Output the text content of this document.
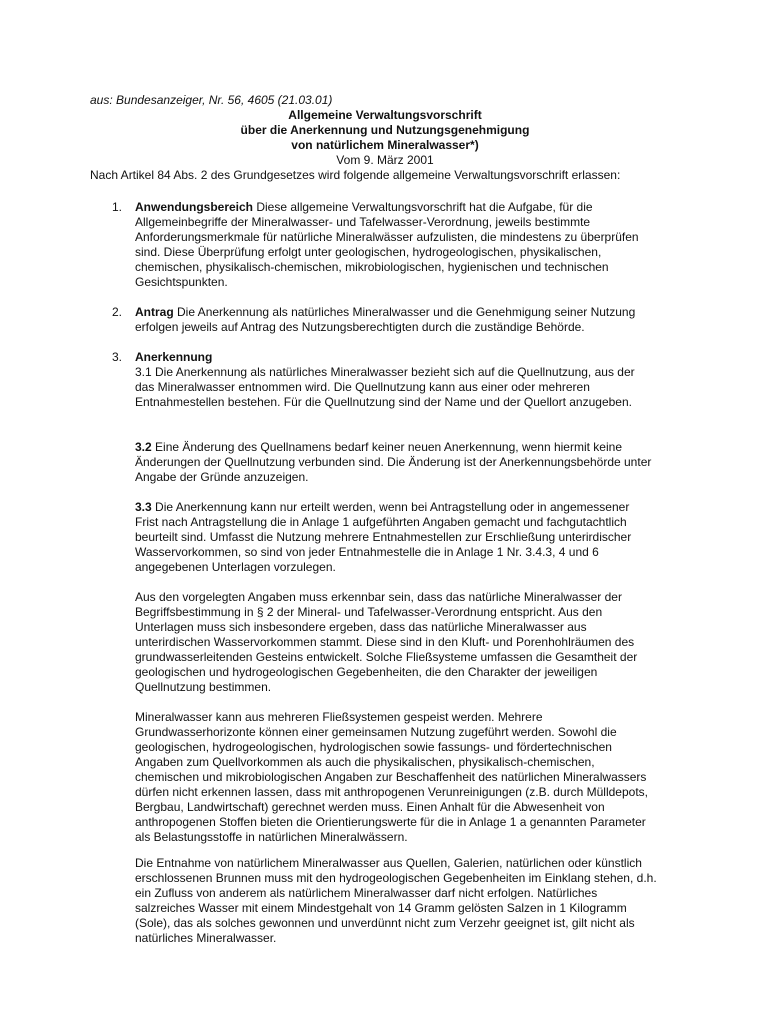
aus: Bundesanzeiger, Nr. 56, 4605 (21.03.01)
Allgemeine Verwaltungsvorschrift
über die Anerkennung und Nutzungsgenehmigung
von natürlichem Mineralwasser*)
Vom 9. März 2001
Nach Artikel 84 Abs. 2 des Grundgesetzes wird folgende allgemeine Verwaltungsvorschrift erlassen:
1. Anwendungsbereich Diese allgemeine Verwaltungsvorschrift hat die Aufgabe, für die

Allgemeinbegriffe der Mineralwasser- und Tafelwasser-Verordnung, jeweils bestimmte

Anforderungsmerkmale für natürliche Mineralwässer aufzulisten, die mindestens zu überprüfen

sind. Diese Überprüfung erfolgt unter geologischen, hydrogeologischen, physikalischen,

chemischen, physikalisch-chemischen, mikrobiologischen, hygienischen und technischen

Gesichtspunkten.

2. Antrag Die Anerkennung als natürliches Mineralwasser und die Genehmigung seiner Nutzung

erfolgen jeweils auf Antrag des Nutzungsberechtigten durch die zuständige Behörde.

3. Anerkennung

3.1 Die Anerkennung als natürliches Mineralwasser bezieht sich auf die Quellnutzung, aus der

das Mineralwasser entnommen wird. Die Quellnutzung kann aus einer oder mehreren

Entnahmestellen bestehen. Für die Quellnutzung sind der Name und der Quellort anzugeben.

3.2 Eine Änderung des Quellnamens bedarf keiner neuen Anerkennung, wenn hiermit keine

Änderungen der Quellnutzung verbunden sind. Die Änderung ist der Anerkennungsbehörde unter

Angabe der Gründe anzuzeigen.

3.3 Die Anerkennung kann nur erteilt werden, wenn bei Antragstellung oder in angemessener

Frist nach Antragstellung die in Anlage 1 aufgeführten Angaben gemacht und fachgutachtlich

beurteilt sind. Umfasst die Nutzung mehrere Entnahmestellen zur Erschließung unterirdischer

Wasservorkommen, so sind von jeder Entnahmestelle die in Anlage 1 Nr. 3.4.3, 4 und 6

angegebenen Unterlagen vorzulegen.

Aus den vorgelegten Angaben muss erkennbar sein, dass das natürliche Mineralwasser der

Begriffsbestimmung in § 2 der Mineral- und Tafelwasser-Verordnung entspricht. Aus den

Unterlagen muss sich insbesondere ergeben, dass das natürliche Mineralwasser aus

unterirdischen Wasservorkommen stammt. Diese sind in den Kluft- und Porenhohlräumen des

grundwasserleitenden Gesteins entwickelt. Solche Fließsysteme umfassen die Gesamtheit der

geologischen und hydrogeologischen Gegebenheiten, die den Charakter der jeweiligen

Quellnutzung bestimmen.

Mineralwasser kann aus mehreren Fließsystemen gespeist werden. Mehrere

Grundwasserhorizonte können einer gemeinsamen Nutzung zugeführt werden. Sowohl die

geologischen, hydrogeologischen, hydrologischen sowie fassungs- und fördertechnischen

Angaben zum Quellvorkommen als auch die physikalischen, physikalisch-chemischen,

chemischen und mikrobiologischen Angaben zur Beschaffenheit des natürlichen Mineralwassers

dürfen nicht erkennen lassen, dass mit anthropogenen Verunreinigungen (z.B. durch Mülldepots,

Bergbau, Landwirtschaft) gerechnet werden muss. Einen Anhalt für die Abwesenheit von

anthropogenen Stoffen bieten die Orientierungswerte für die in Anlage 1 a genannten Parameter

als Belastungsstoffe in natürlichen Mineralwässern.

Die Entnahme von natürlichem Mineralwasser aus Quellen, Galerien, natürlichen oder künstlich

erschlossenen Brunnen muss mit den hydrogeologischen Gegebenheiten im Einklang stehen, d.h.

ein Zufluss von anderem als natürlichem Mineralwasser darf nicht erfolgen. Natürliches

salzreiches Wasser mit einem Mindestgehalt von 14 Gramm gelösten Salzen in 1 Kilogramm

(Sole), das als solches gewonnen und unverdünnt nicht zum Verzehr geeignet ist, gilt nicht als

natürliches Mineralwasser.
